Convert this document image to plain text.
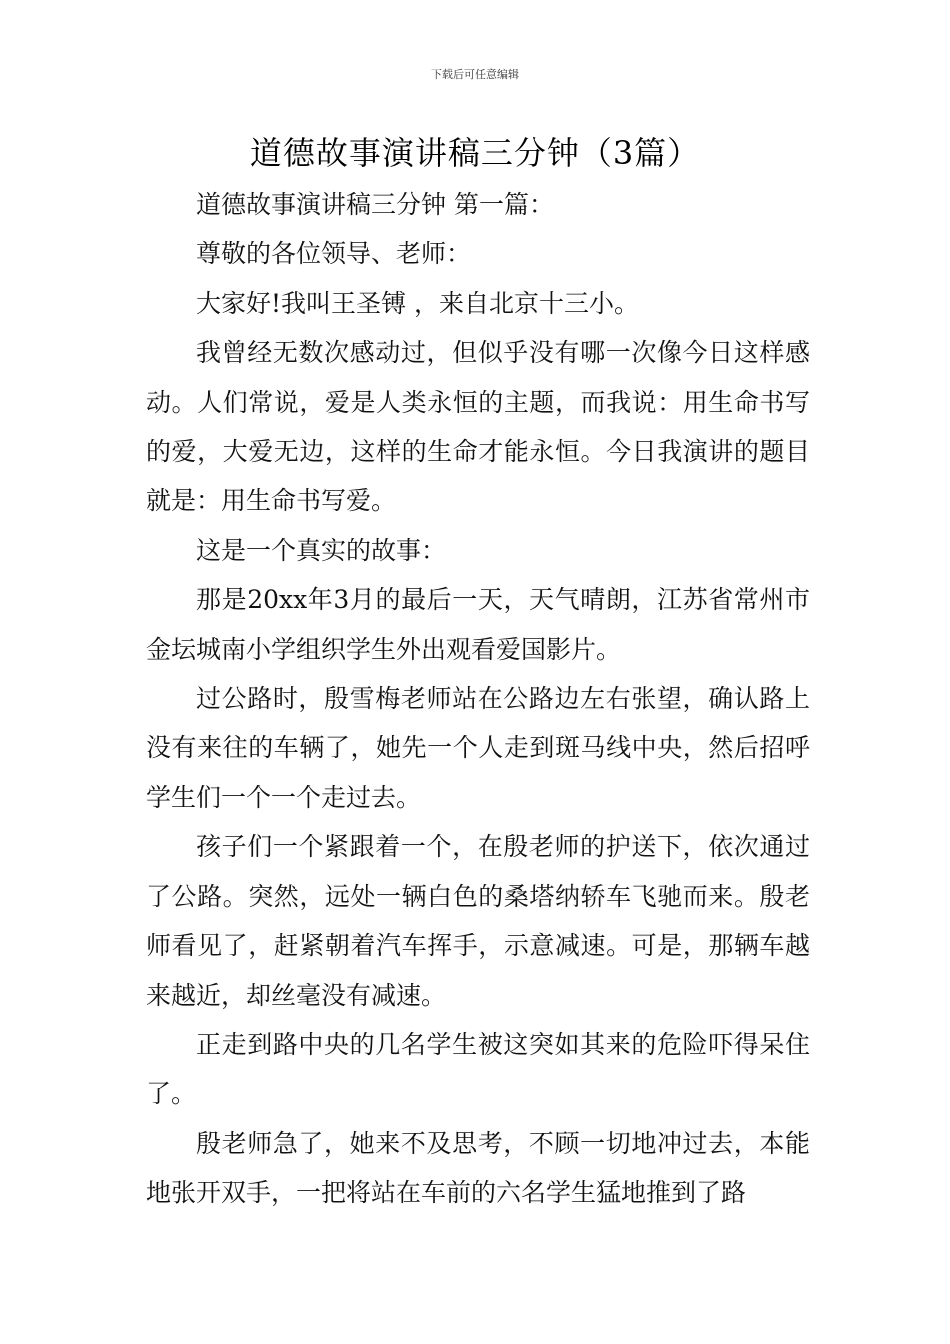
下载后可任意编辑
道德故事演讲稿三分钟（3篇）

道德故事演讲稿三分钟 第一篇：

尊敬的各位领导、老师：

大家好!我叫王圣镈 ，来自北京十三小。

我曾经无数次感动过，但似乎没有哪一次像今日这样感动。人们常说，爱是人类永恒的主题，而我说：用生命书写的爱，大爱无边，这样的生命才能永恒。今日我演讲的题目就是：用生命书写爱。

这是一个真实的故事：

那是20xx年3月的最后一天，天气晴朗，江苏省常州市金坛城南小学组织学生外出观看爱国影片。

过公路时，殷雪梅老师站在公路边左右张望，确认路上没有来往的车辆了，她先一个人走到斑马线中央，然后招呼学生们一个一个走过去。

孩子们一个紧跟着一个，在殷老师的护送下，依次通过了公路。突然，远处一辆白色的桑塔纳轿车飞驰而来。殷老师看见了，赶紧朝着汽车挥手，示意减速。可是，那辆车越来越近，却丝毫没有减速。

正走到路中央的几名学生被这突如其来的危险吓得呆住了。

殷老师急了，她来不及思考，不顾一切地冲过去，本能地张开双手，一把将站在车前的六名学生猛地推到了路
